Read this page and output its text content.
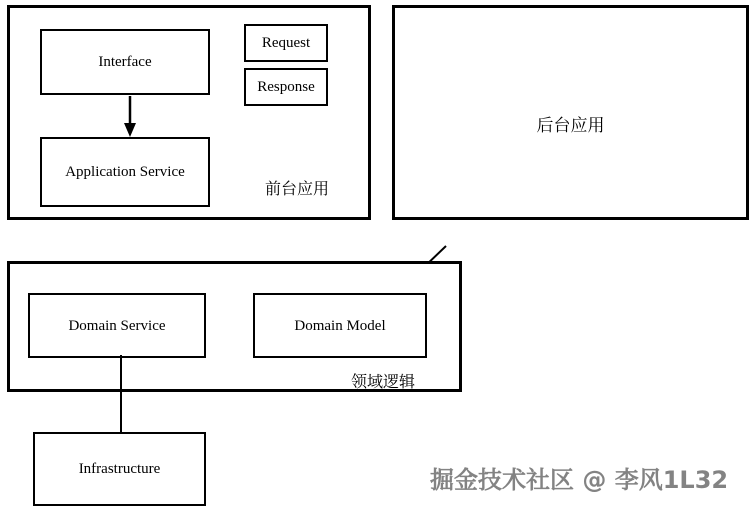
Interface
Request
Response
Application Service
前台应用
后台应用
Domain Service	Domain Model
领域逻辑
Infrastructure	掘金技术社区 @ 李风1L32
